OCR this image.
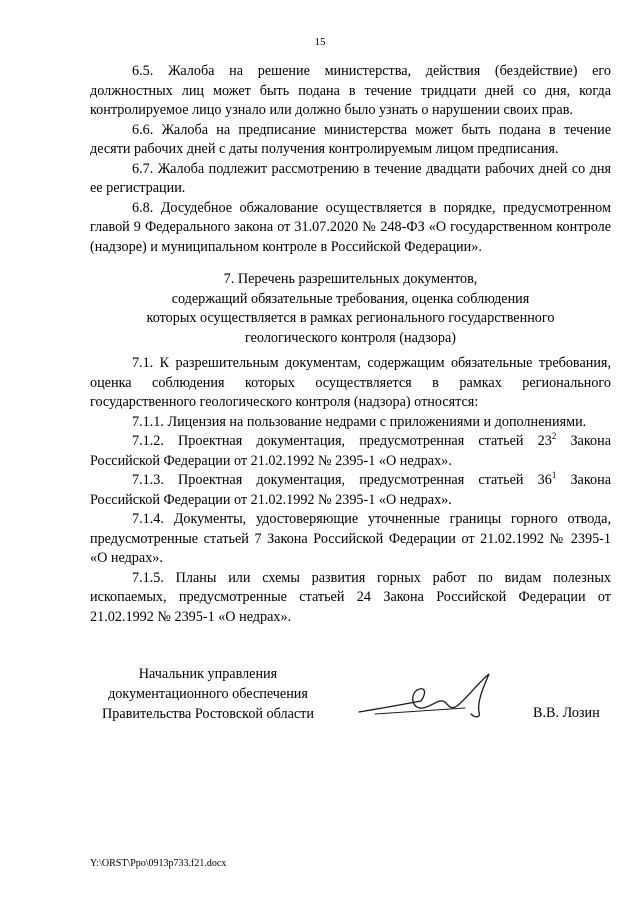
15

6.5. Жалоба на решение министерства, действия (бездействие) его должностных лиц может быть подана в течение тридцати дней со дня, когда контролируемое лицо узнало или должно было узнать о нарушении своих прав.

6.6. Жалоба на предписание министерства может быть подана в течение десяти рабочих дней с даты получения контролируемым лицом предписания.

6.7. Жалоба подлежит рассмотрению в течение двадцати рабочих дней со дня ее регистрации.

6.8. Досудебное обжалование осуществляется в порядке, предусмотренном главой 9 Федерального закона от 31.07.2020 № 248-ФЗ «О государственном контроле (надзоре) и муниципальном контроле в Российской Федерации».

7. Перечень разрешительных документов,
содержащий обязательные требования, оценка соблюдения
которых осуществляется в рамках регионального государственного
геологического контроля (надзора)

7.1. К разрешительным документам, содержащим обязательные требования, оценка соблюдения которых осуществляется в рамках регионального государственного геологического контроля (надзора) относятся:

7.1.1. Лицензия на пользование недрами с приложениями и дополнениями.

7.1.2. Проектная документация, предусмотренная статьей $23^2$ Закона Российской Федерации от 21.02.1992 № 2395-1 «О недрах».

7.1.3. Проектная документация, предусмотренная статьей $36^1$ Закона Российской Федерации от 21.02.1992 № 2395-1 «О недрах».

7.1.4. Документы, удостоверяющие уточненные границы горного отвода, предусмотренные статьей 7 Закона Российской Федерации от 21.02.1992 № 2395-1 «О недрах».

7.1.5. Планы или схемы развития горных работ по видам полезных ископаемых, предусмотренные статьей 24 Закона Российской Федерации от 21.02.1992 № 2395-1 «О недрах».

Начальник управления
документационного обеспечения
Правительства Ростовской области	В.В. Лозин
Y:\ORST\Ppo\0913p733.f21.docx
